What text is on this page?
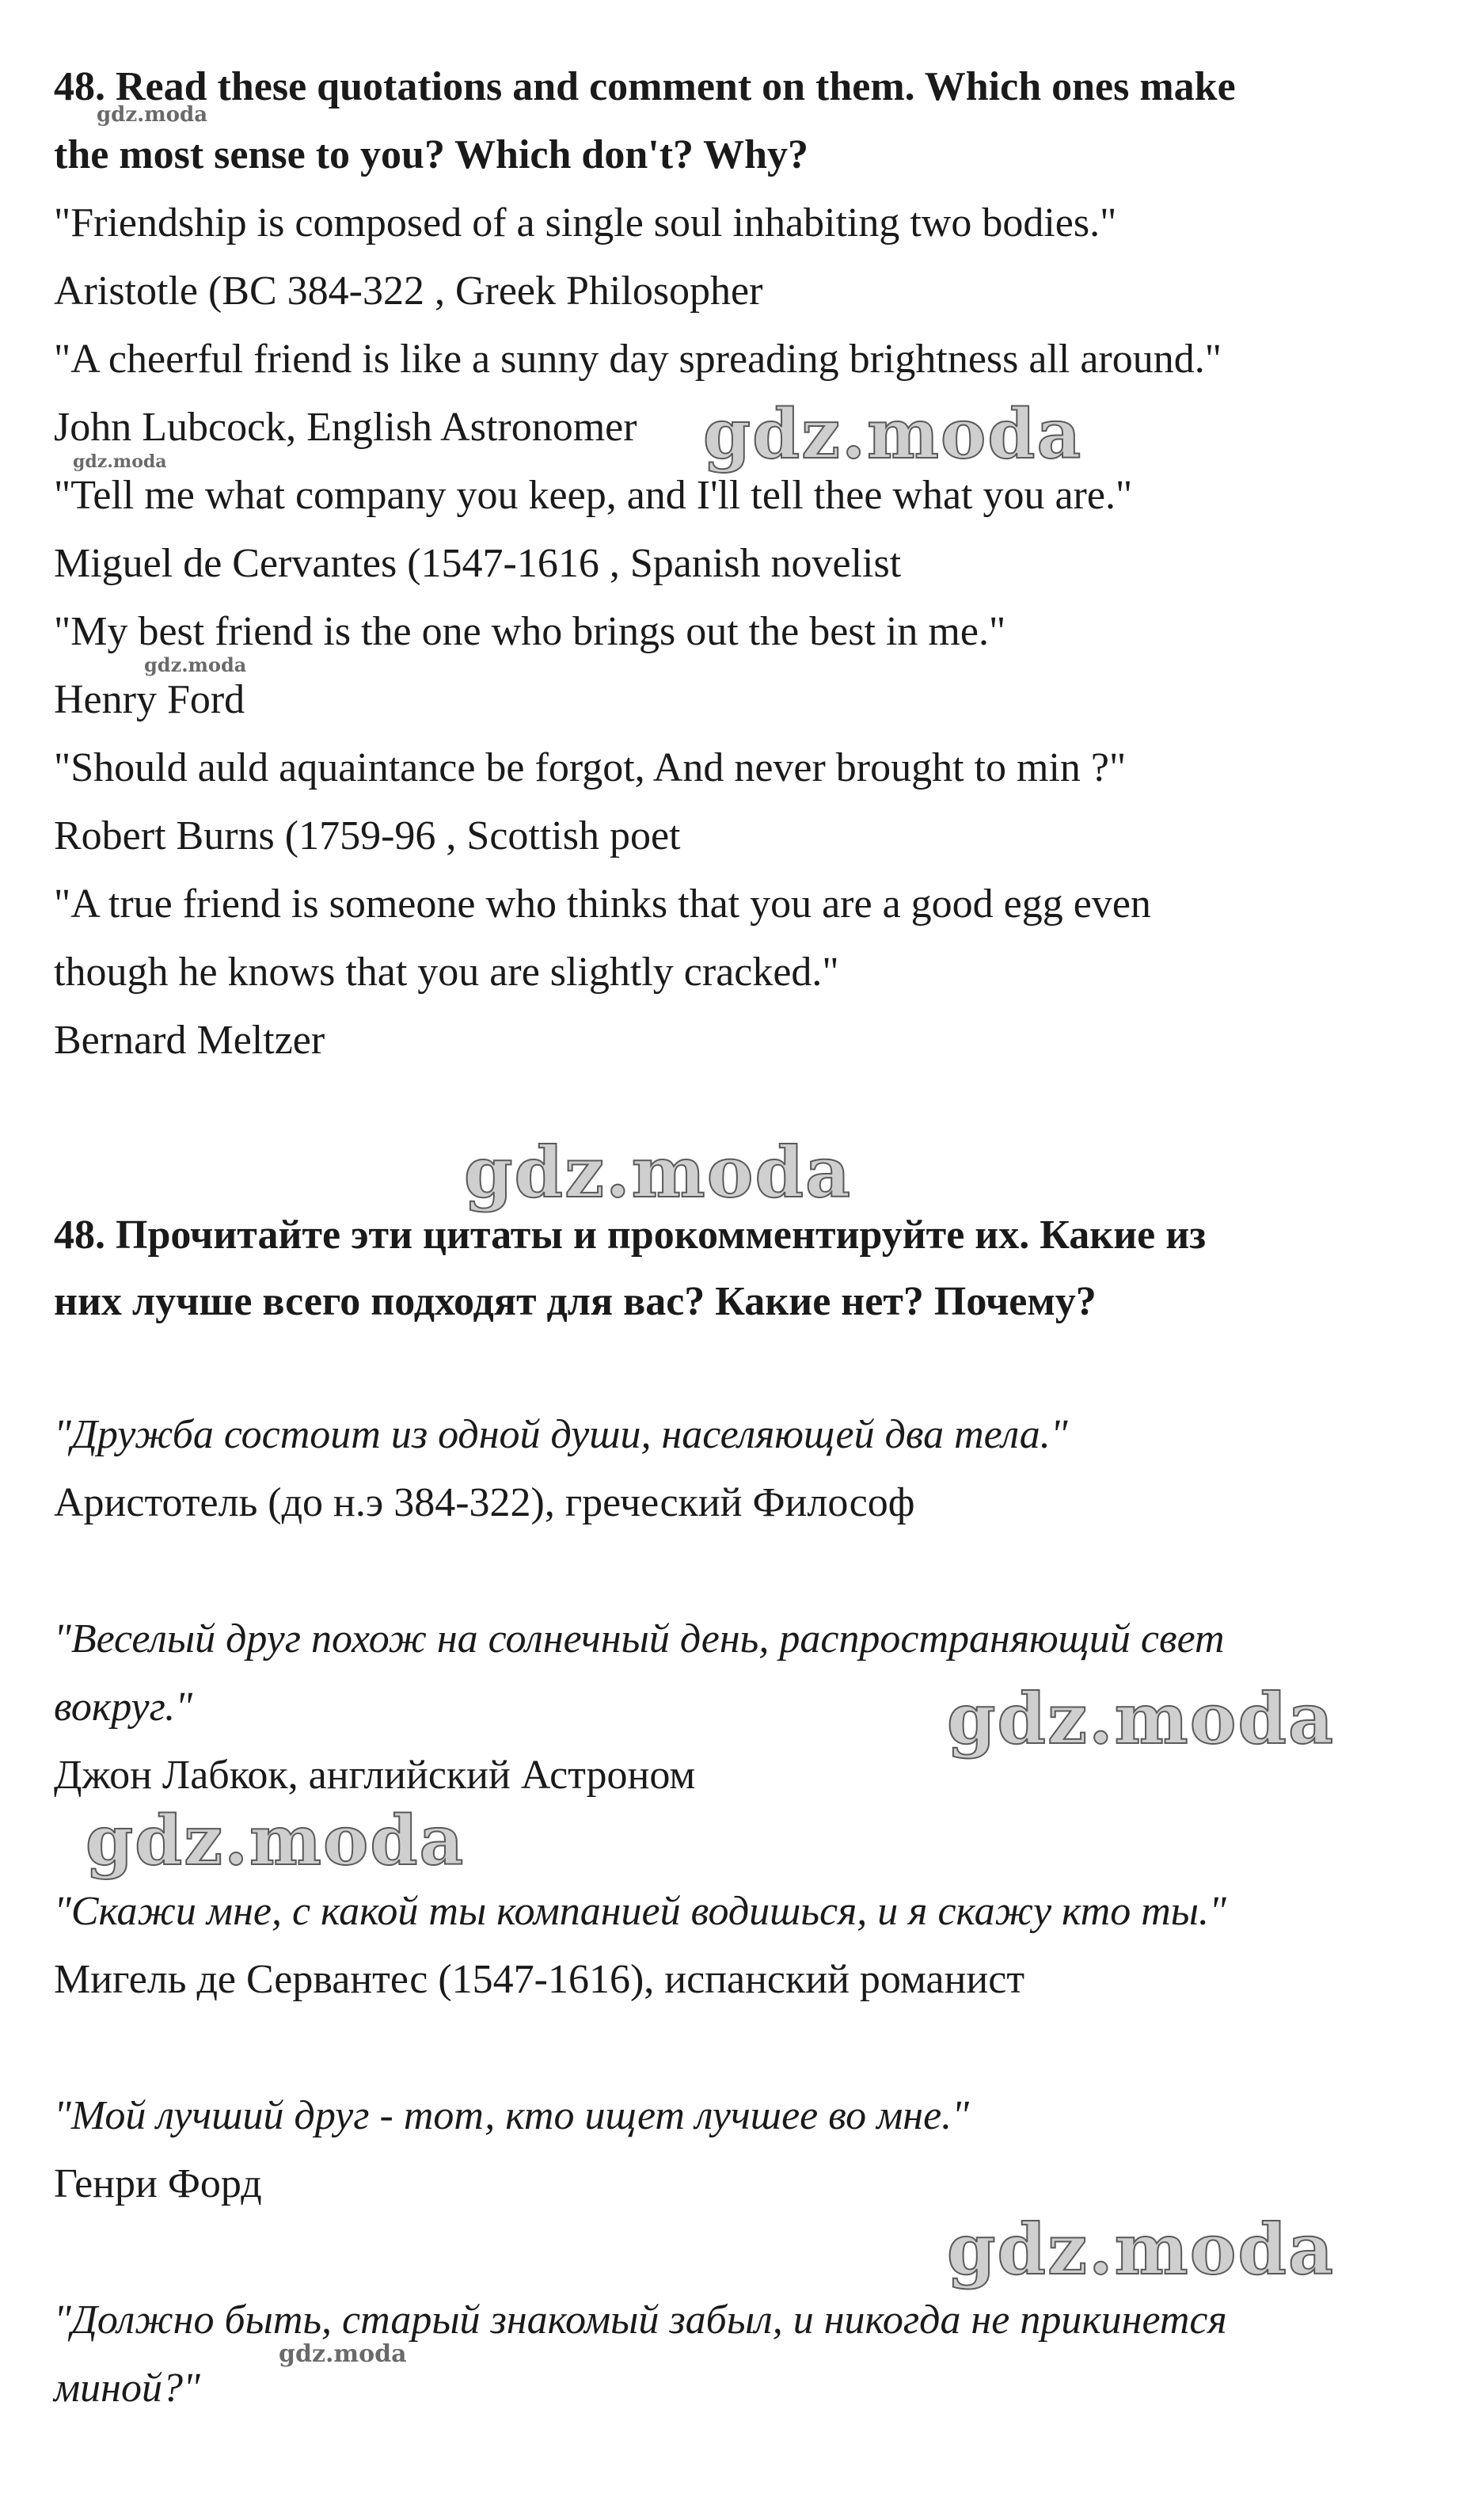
48. Read these quotations and comment on them. Which ones make
the most sense to you? Which don't? Why?
"Friendship is composed of a single soul inhabiting two bodies."
Aristotle (BC 384-322 , Greek Philosopher
"A cheerful friend is like a sunny day spreading brightness all around."
John Lubcock, English Astronomer
"Tell me what company you keep, and I'll tell thee what you are."
Miguel de Cervantes (1547-1616 , Spanish novelist
"My best friend is the one who brings out the best in me."
Henry Ford
"Should auld aquaintance be forgot, And never brought to min ?"
Robert Burns (1759-96 , Scottish poet
"A true friend is someone who thinks that you are a good egg even
though he knows that you are slightly cracked."
Bernard Meltzer
48. Прочитайте эти цитаты и прокомментируйте их. Какие из
них лучше всего подходят для вас? Какие нет? Почему?
"Дружба состоит из одной души, населяющей два тела."
Аристотель (до н.э 384-322), греческий Философ
"Веселый друг похож на солнечный день, распространяющий свет
вокруг."
Джон Лабкок, английский Астроном
"Скажи мне, с какой ты компанией водишься, и я скажу кто ты."
Мигель де Сервантес (1547-1616), испанский романист
"Мой лучший друг - тот, кто ищет лучшее во мне."
Генри Форд
"Должно быть, старый знакомый забыл, и никогда не прикинется
миной?"
gdz.moda
gdz.moda
gdz.moda
gdz.moda
gdz.moda
gdz.moda
gdz.moda
gdz.moda
gdz.moda
